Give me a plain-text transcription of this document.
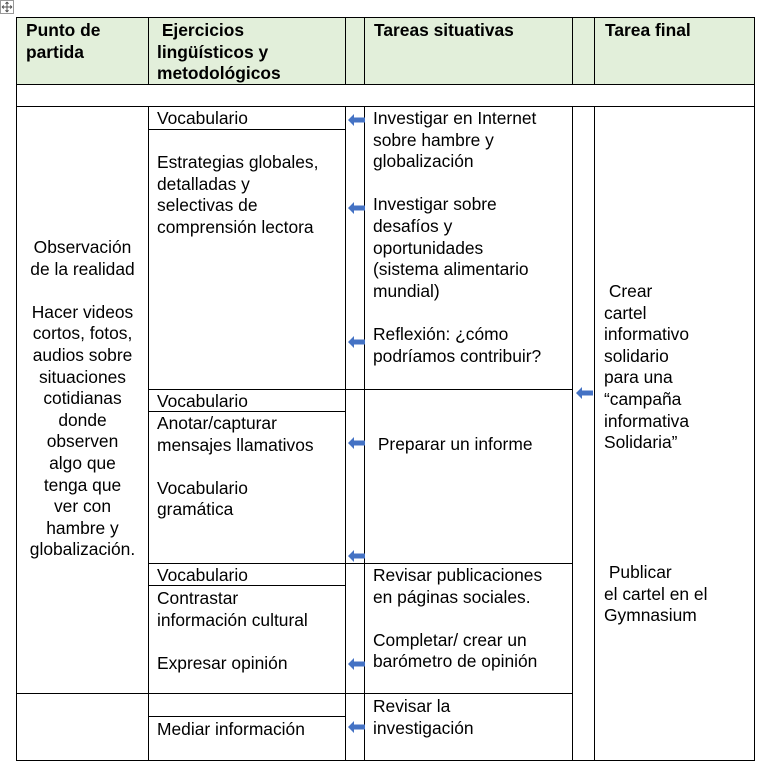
Punto de
partida
Ejercicios
lingüísticos y
metodológicos
Tareas situativas	Tarea final
Observación
de la realidad

Hacer videos
cortos, fotos,
audios sobre
situaciones
cotidianas
donde
observen
algo que
tenga que
ver con
hambre y
globalización.
Vocabulario
Estrategias globales,
detalladas y
selectivas de
comprensión lectora
Vocabulario
Anotar/capturar
mensajes llamativos

Vocabulario
gramática
Vocabulario
Contrastar
información cultural

Expresar opinión
Mediar información
Investigar en Internet
sobre hambre y
globalización

Investigar sobre
desafíos y
oportunidades
(sistema alimentario
mundial)

Reflexión: ¿cómo
podríamos contribuir?
Preparar un informe
Revisar publicaciones
en páginas sociales.

Completar/ crear un
barómetro de opinión
Revisar la
investigación
Crear
cartel
informativo
solidario
para una
“campaña
informativa
Solidaria”
Publicar
el cartel en el
Gymnasium
